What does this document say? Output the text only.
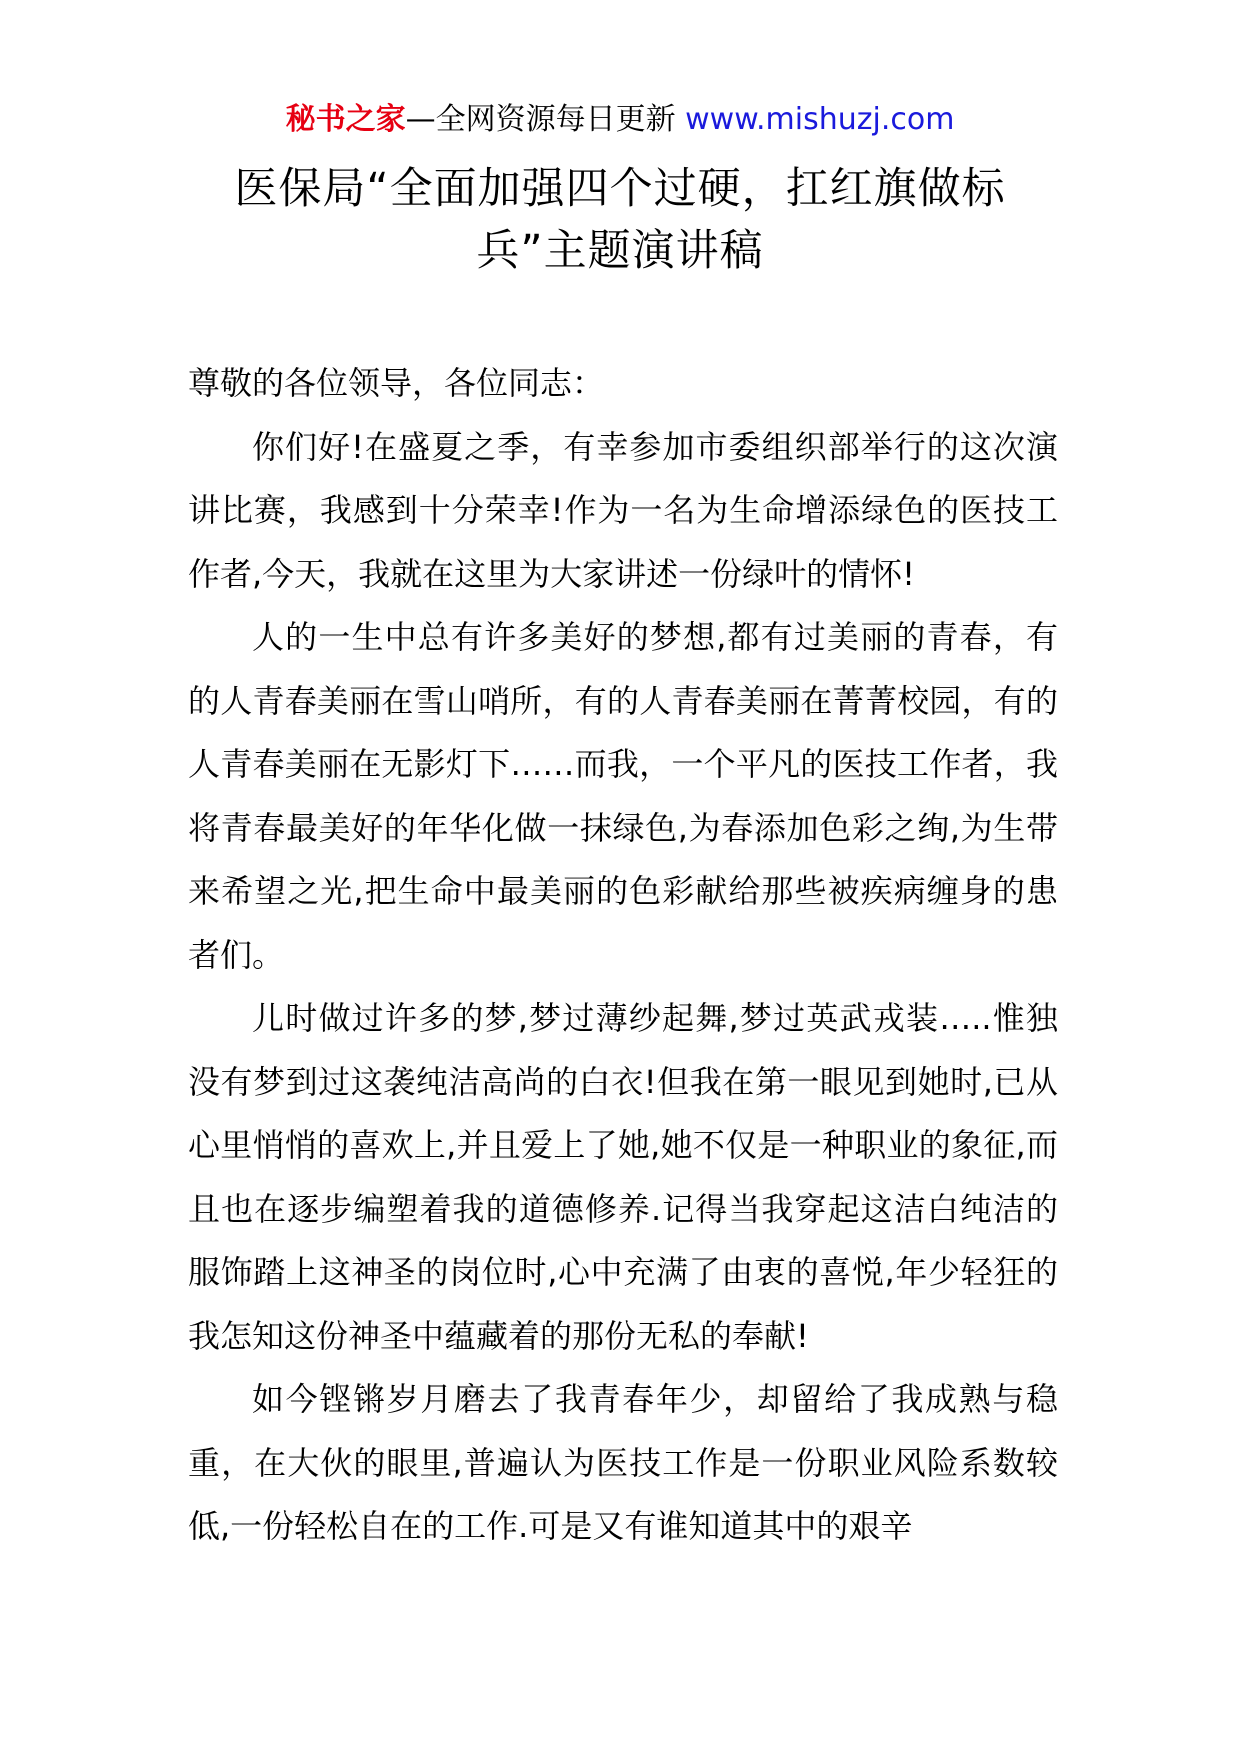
秘书之家—全网资源每日更新 www.mishuzj.com
医保局“全面加强四个过硬，扛红旗做标兵”主题演讲稿

尊敬的各位领导，各位同志：

你们好!在盛夏之季，有幸参加市委组织部举行的这次演讲比赛，我感到十分荣幸!作为一名为生命增添绿色的医技工作者,今天，我就在这里为大家讲述一份绿叶的情怀!

人的一生中总有许多美好的梦想,都有过美丽的青春，有的人青春美丽在雪山哨所，有的人青春美丽在菁菁校园，有的人青春美丽在无影灯下……而我，一个平凡的医技工作者，我将青春最美好的年华化做一抹绿色,为春添加色彩之绚,为生带来希望之光,把生命中最美丽的色彩献给那些被疾病缠身的患者们。

儿时做过许多的梦,梦过薄纱起舞,梦过英武戎装…..惟独没有梦到过这袭纯洁高尚的白衣!但我在第一眼见到她时,已从心里悄悄的喜欢上,并且爱上了她,她不仅是一种职业的象征,而且也在逐步编塑着我的道德修养.记得当我穿起这洁白纯洁的服饰踏上这神圣的岗位时,心中充满了由衷的喜悦,年少轻狂的我怎知这份神圣中蕴藏着的那份无私的奉献!

如今铿锵岁月磨去了我青春年少，却留给了我成熟与稳重，在大伙的眼里,普遍认为医技工作是一份职业风险系数较低,一份轻松自在的工作.可是又有谁知道其中的艰辛
